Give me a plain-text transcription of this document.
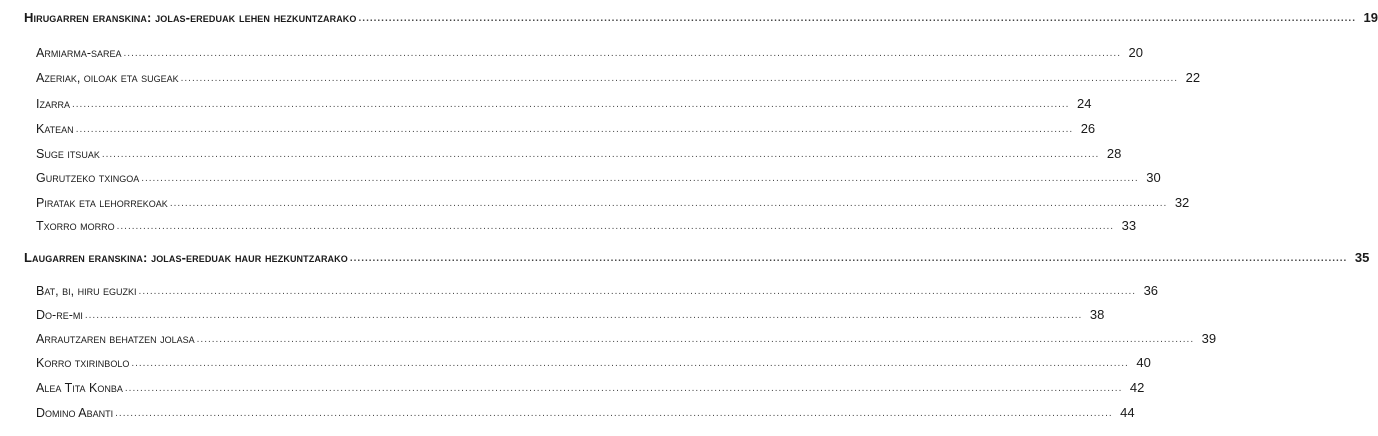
Hirugarren eranskina: jolas-ereduak lehen hezkuntzarako .....	19
Armiarma-sarea .....	20
Azeriak, oiloak eta sugeak .....	22
Izarra .....	24
Katean .....	26
Suge itsuak .....	28
Gurutzeko txingoa .....	30
Piratak eta lehorrekoak .....	32
Txorro morro .....	33
Laugarren eranskina: jolas-ereduak haur hezkuntzarako .....	35
Bat, bi, hiru eguzki .....	36
Do-re-mi .....	38
Arrautzaren behatzen jolasa .....	39
Korro txirinbolo .....	40
Alea Tita Konba .....	42
Domino Abanti .....	44
